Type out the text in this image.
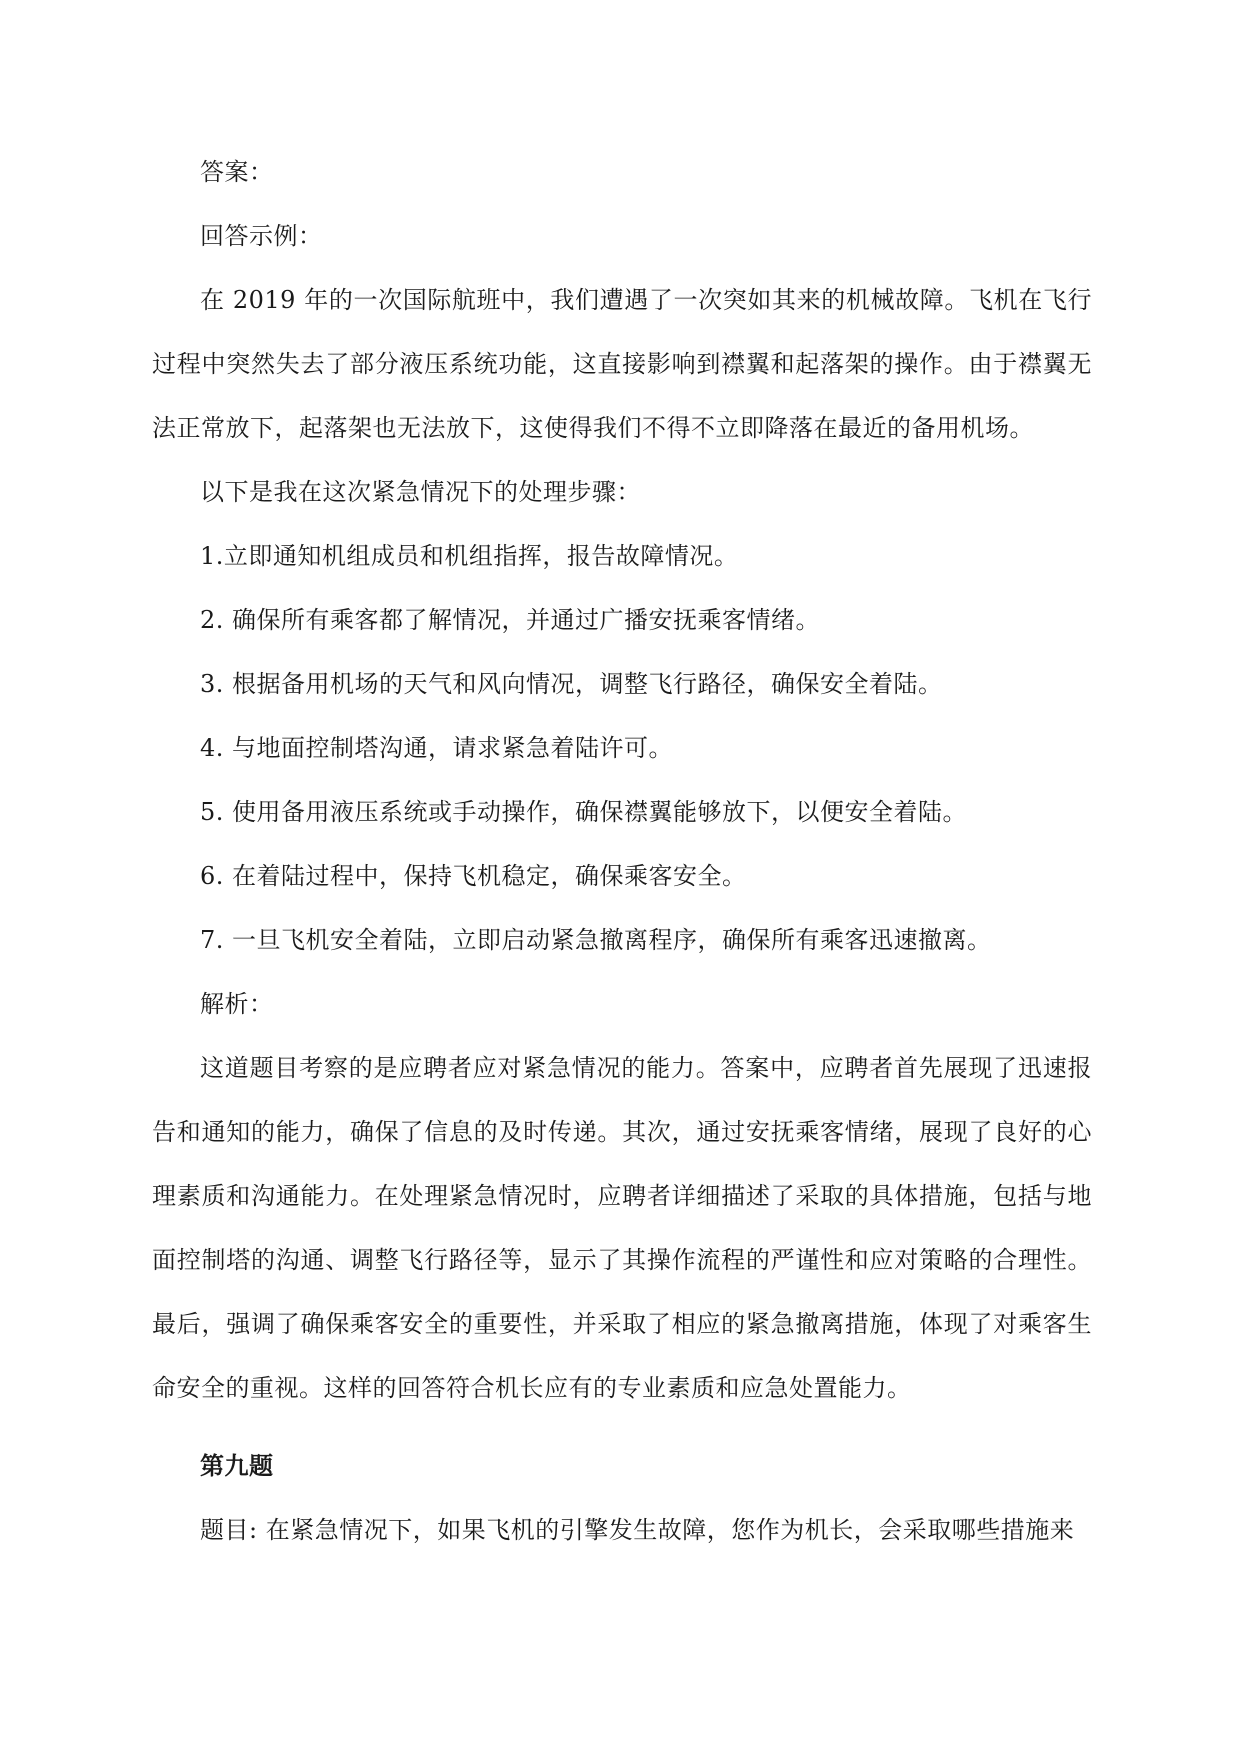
答案：

回答示例：

在 2019 年的一次国际航班中，我们遭遇了一次突如其来的机械故障。飞机在飞行过程中突然失去了部分液压系统功能，这直接影响到襟翼和起落架的操作。由于襟翼无法正常放下，起落架也无法放下，这使得我们不得不立即降落在最近的备用机场。

以下是我在这次紧急情况下的处理步骤：

1.立即通知机组成员和机组指挥，报告故障情况。

2. 确保所有乘客都了解情况，并通过广播安抚乘客情绪。

3. 根据备用机场的天气和风向情况，调整飞行路径，确保安全着陆。

4. 与地面控制塔沟通，请求紧急着陆许可。

5. 使用备用液压系统或手动操作，确保襟翼能够放下，以便安全着陆。

6. 在着陆过程中，保持飞机稳定，确保乘客安全。

7. 一旦飞机安全着陆，立即启动紧急撤离程序，确保所有乘客迅速撤离。

解析：

这道题目考察的是应聘者应对紧急情况的能力。答案中，应聘者首先展现了迅速报告和通知的能力，确保了信息的及时传递。其次，通过安抚乘客情绪，展现了良好的心理素质和沟通能力。在处理紧急情况时，应聘者详细描述了采取的具体措施，包括与地面控制塔的沟通、调整飞行路径等，显示了其操作流程的严谨性和应对策略的合理性。最后，强调了确保乘客安全的重要性，并采取了相应的紧急撤离措施，体现了对乘客生命安全的重视。这样的回答符合机长应有的专业素质和应急处置能力。

第九题

题目: 在紧急情况下，如果飞机的引擎发生故障，您作为机长，会采取哪些措施来
